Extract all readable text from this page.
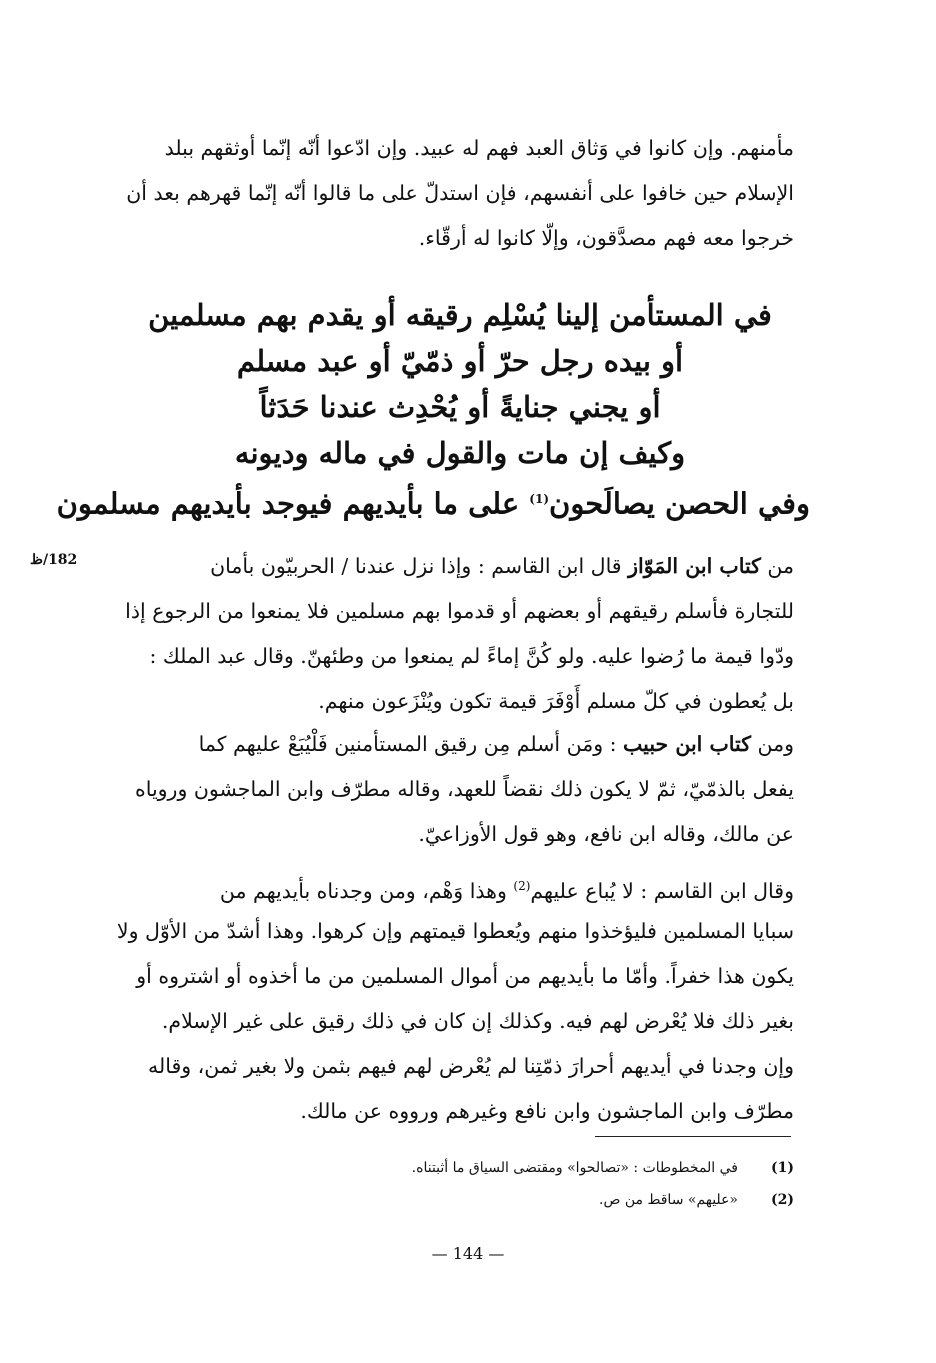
مأمنهم. وإن كانوا في وَثاق العبد فهم له عبيد. وإن ادّعوا أنّه إنّما أوثقهم ببلد
الإسلام حين خافوا على أنفسهم، فإن استدلّ على ما قالوا أنّه إنّما قهرهم بعد أن
خرجوا معه فهم مصدَّقون، وإلّا كانوا له أرقّاء.
في المستأمن إلينا يُسْلِم رقيقه أو يقدم بهم مسلمين
أو بيده رجل حرّ أو ذمّيّ أو عبد مسلم
أو يجني جنايةً أو يُحْدِث عندنا حَدَثاً
وكيف إن مات والقول في ماله وديونه
وفي الحصن يصالَحون$^{(1)}$ على ما بأيديهم فيوجد بأيديهم مسلمون
182/ظ	من كتاب ابن المَوّاز قال ابن القاسم : وإذا نزل عندنا / الحربيّون بأمان
للتجارة فأسلم رقيقهم أو بعضهم أو قدموا بهم مسلمين فلا يمنعوا من الرجوع إذا
ودّوا قيمة ما رُضوا عليه. ولو كُنَّ إماءً لم يمنعوا من وطئهنّ. وقال عبد الملك :
بل يُعطون في كلّ مسلم أَوْفَرَ قيمة تكون ويُنْزَعون منهم.
ومن كتاب ابن حبيب : ومَن أسلم مِن رقيق المستأمنين فَلْيُبَعْ عليهم كما
يفعل بالذمّيّ، ثمّ لا يكون ذلك نقضاً للعهد، وقاله مطرّف وابن الماجشون وروياه
عن مالك، وقاله ابن نافع، وهو قول الأوزاعيّ.
وقال ابن القاسم : لا يُباع عليهم$^{(2)}$ وهذا وَهْم، ومن وجدناه بأيديهم من
سبايا المسلمين فليؤخذوا منهم ويُعطوا قيمتهم وإن كرهوا. وهذا أشدّ من الأوّل ولا
يكون هذا خفراً. وأمّا ما بأيديهم من أموال المسلمين من ما أخذوه أو اشتروه أو
بغير ذلك فلا يُعْرض لهم فيه. وكذلك إن كان في ذلك رقيق على غير الإسلام.
وإن وجدنا في أيديهم أحرارَ ذمّتِنا لم يُعْرض لهم فيهم بثمن ولا بغير ثمن، وقاله
مطرّف وابن الماجشون وابن نافع وغيرهم ورووه عن مالك.
(1)
في المخطوطات : «تصالحوا» ومقتضى السياق ما أثبتناه.
(2)
«عليهم» ساقط من ص.
— 144 —
